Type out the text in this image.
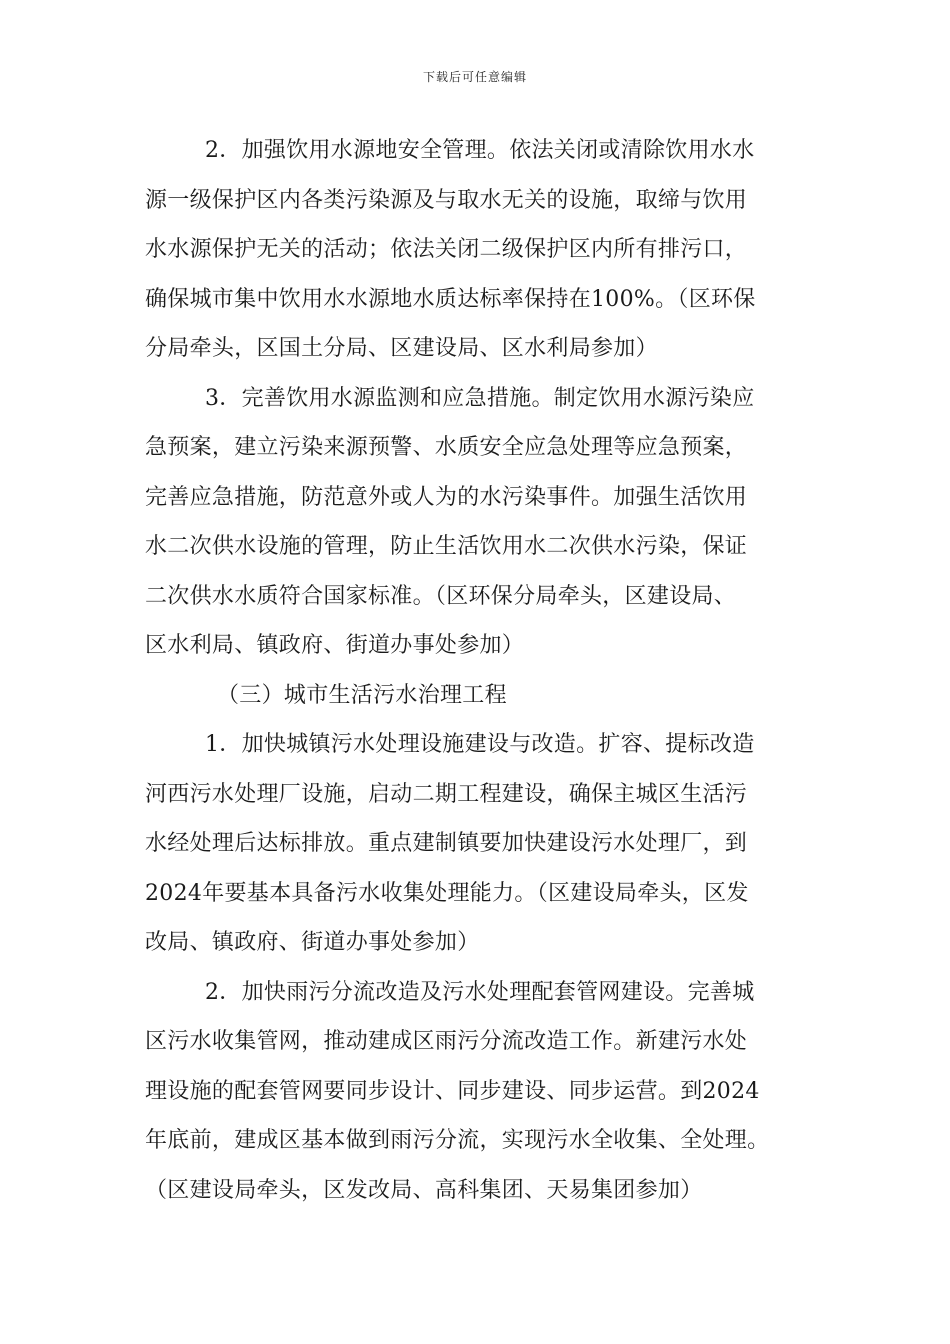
下载后可任意编辑
2．加强饮用水源地安全管理。依法关闭或清除饮用水水
源一级保护区内各类污染源及与取水无关的设施，取缔与饮用
水水源保护无关的活动；依法关闭二级保护区内所有排污口，
确保城市集中饮用水水源地水质达标率保持在100%。（区环保
分局牵头，区国土分局、区建设局、区水利局参加）
3．完善饮用水源监测和应急措施。制定饮用水源污染应
急预案，建立污染来源预警、水质安全应急处理等应急预案，
完善应急措施，防范意外或人为的水污染事件。加强生活饮用
水二次供水设施的管理，防止生活饮用水二次供水污染，保证
二次供水水质符合国家标准。（区环保分局牵头，区建设局、
区水利局、镇政府、街道办事处参加）
（三）城市生活污水治理工程
1．加快城镇污水处理设施建设与改造。扩容、提标改造
河西污水处理厂设施，启动二期工程建设，确保主城区生活污
水经处理后达标排放。重点建制镇要加快建设污水处理厂，到
2024年要基本具备污水收集处理能力。（区建设局牵头，区发
改局、镇政府、街道办事处参加）
2．加快雨污分流改造及污水处理配套管网建设。完善城
区污水收集管网，推动建成区雨污分流改造工作。新建污水处
理设施的配套管网要同步设计、同步建设、同步运营。到2024
年底前，建成区基本做到雨污分流，实现污水全收集、全处理。
（区建设局牵头，区发改局、高科集团、天易集团参加）
